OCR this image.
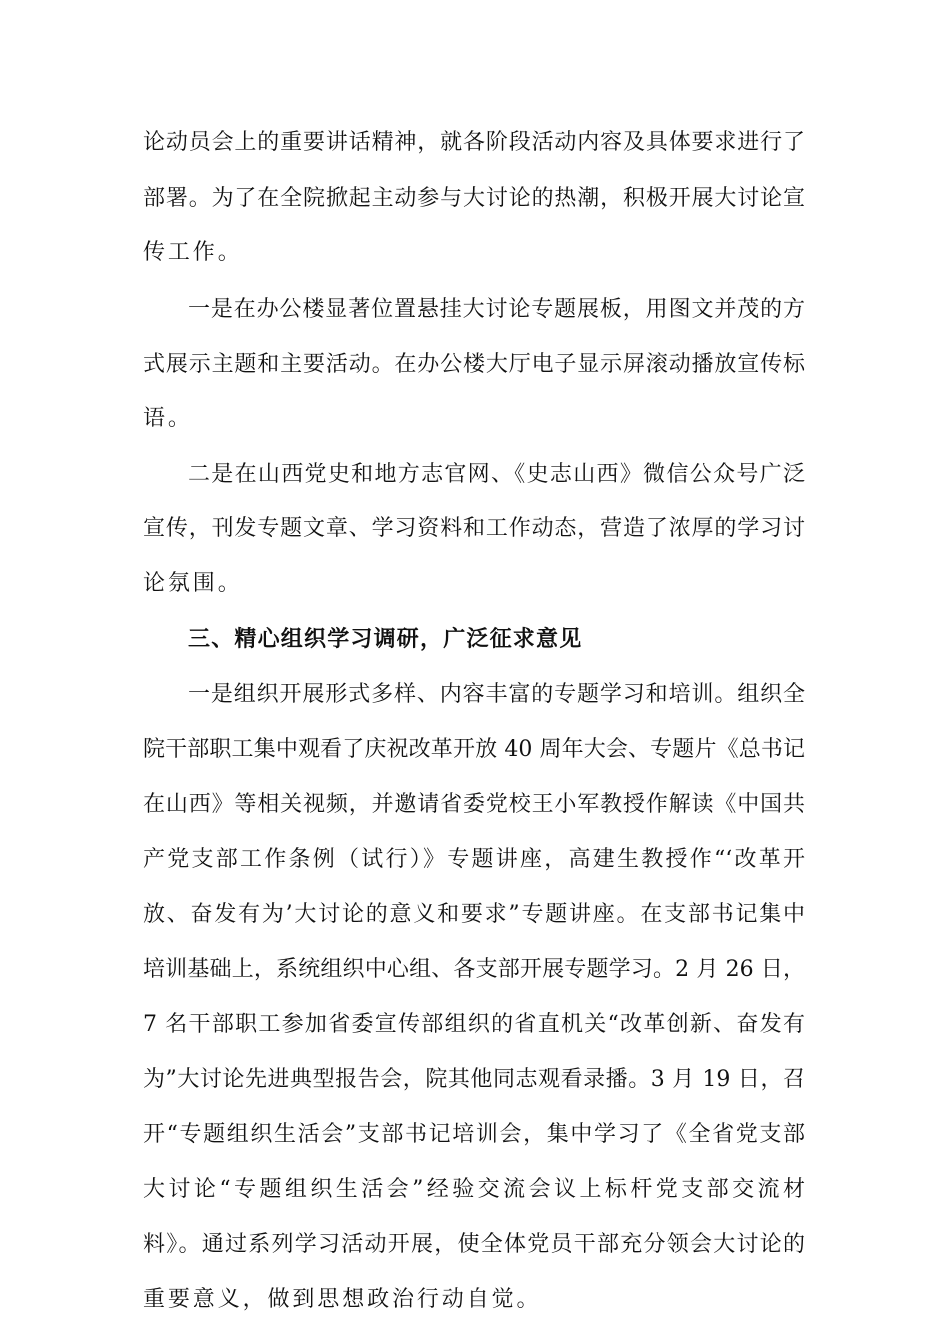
论动员会上的重要讲话精神，就各阶段活动内容及具体要求进行了
部署。为了在全院掀起主动参与大讨论的热潮，积极开展大讨论宣
传工作。
一是在办公楼显著位置悬挂大讨论专题展板，用图文并茂的方
式展示主题和主要活动。在办公楼大厅电子显示屏滚动播放宣传标
语。
二是在山西党史和地方志官网、《史志山西》微信公众号广泛
宣传，刊发专题文章、学习资料和工作动态，营造了浓厚的学习讨
论氛围。
三、精心组织学习调研，广泛征求意见
一是组织开展形式多样、内容丰富的专题学习和培训。组织全
院干部职工集中观看了庆祝改革开放 40 周年大会、专题片《总书记
在山西》等相关视频，并邀请省委党校王小军教授作解读《中国共
产党支部工作条例（试行）》专题讲座，高建生教授作“‘改革开
放、奋发有为’大讨论的意义和要求”专题讲座。在支部书记集中
培训基础上，系统组织中心组、各支部开展专题学习。2 月 26 日，
7 名干部职工参加省委宣传部组织的省直机关“改革创新、奋发有
为”大讨论先进典型报告会，院其他同志观看录播。3 月 19 日，召
开“专题组织生活会”支部书记培训会，集中学习了《全省党支部
大讨论“专题组织生活会”经验交流会议上标杆党支部交流材
料》。通过系列学习活动开展，使全体党员干部充分领会大讨论的
重要意义，做到思想政治行动自觉。
